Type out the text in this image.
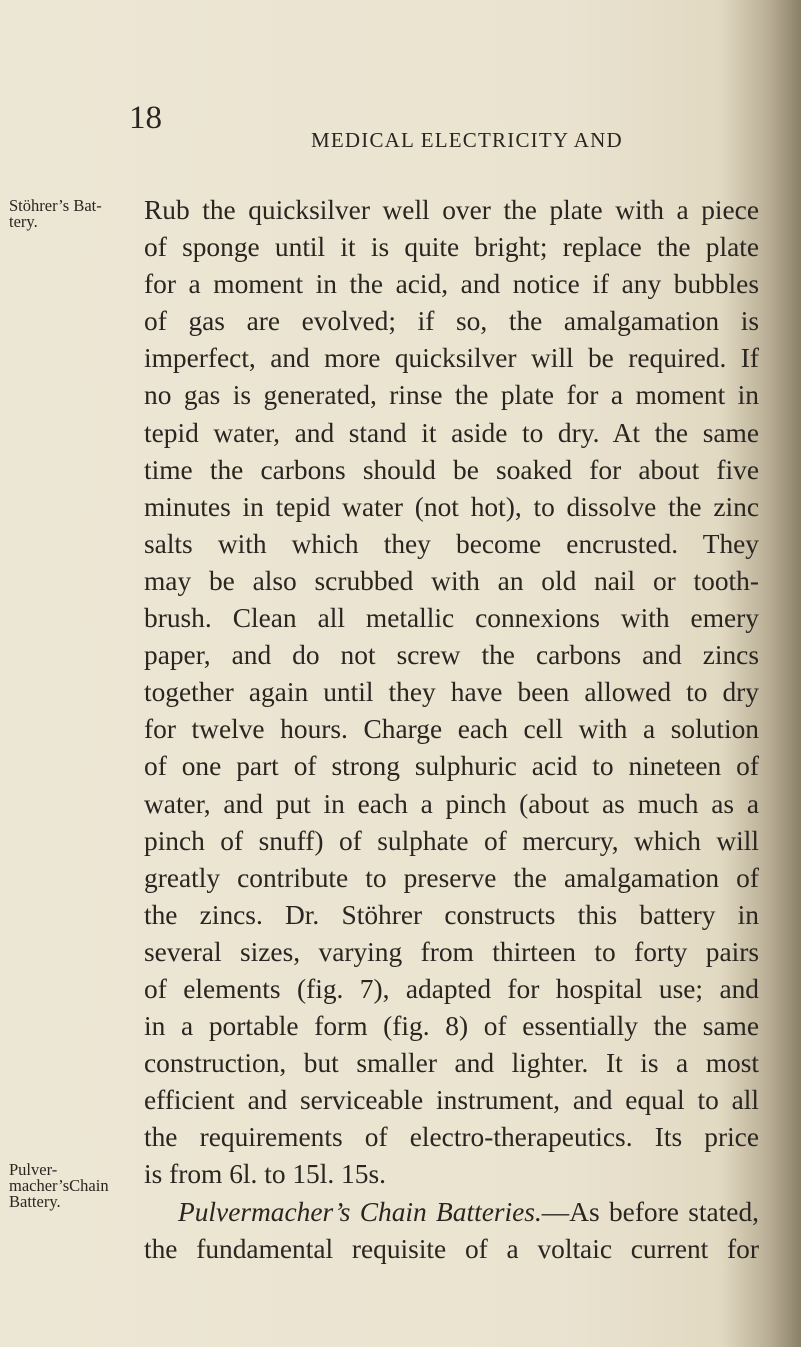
18
MEDICAL ELECTRICITY AND
Stöhrer’s Bat-
tery.
Pulver-
macher’sChain
Battery.
Rub the quicksilver well over the plate with a piece
of sponge until it is quite bright; replace the plate
for a moment in the acid, and notice if any bubbles
of gas are evolved; if so, the amalgamation is
imperfect, and more quicksilver will be required. If
no gas is generated, rinse the plate for a moment in
tepid water, and stand it aside to dry. At the same
time the carbons should be soaked for about five
minutes in tepid water (not hot), to dissolve the zinc
salts with which they become encrusted. They
may be also scrubbed with an old nail or tooth-
brush. Clean all metallic connexions with emery
paper, and do not screw the carbons and zincs
together again until they have been allowed to dry
for twelve hours. Charge each cell with a solution
of one part of strong sulphuric acid to nineteen of
water, and put in each a pinch (about as much as a
pinch of snuff) of sulphate of mercury, which will
greatly contribute to preserve the amalgamation of
the zincs. Dr. Stöhrer constructs this battery in
several sizes, varying from thirteen to forty pairs
of elements (fig. 7), adapted for hospital use; and
in a portable form (fig. 8) of essentially the same
construction, but smaller and lighter. It is a most
efficient and serviceable instrument, and equal to all
the requirements of electro-therapeutics. Its price
is from 6l. to 15l. 15s.
Pulvermacher’s Chain Batteries.—As before stated,
the fundamental requisite of a voltaic current for
